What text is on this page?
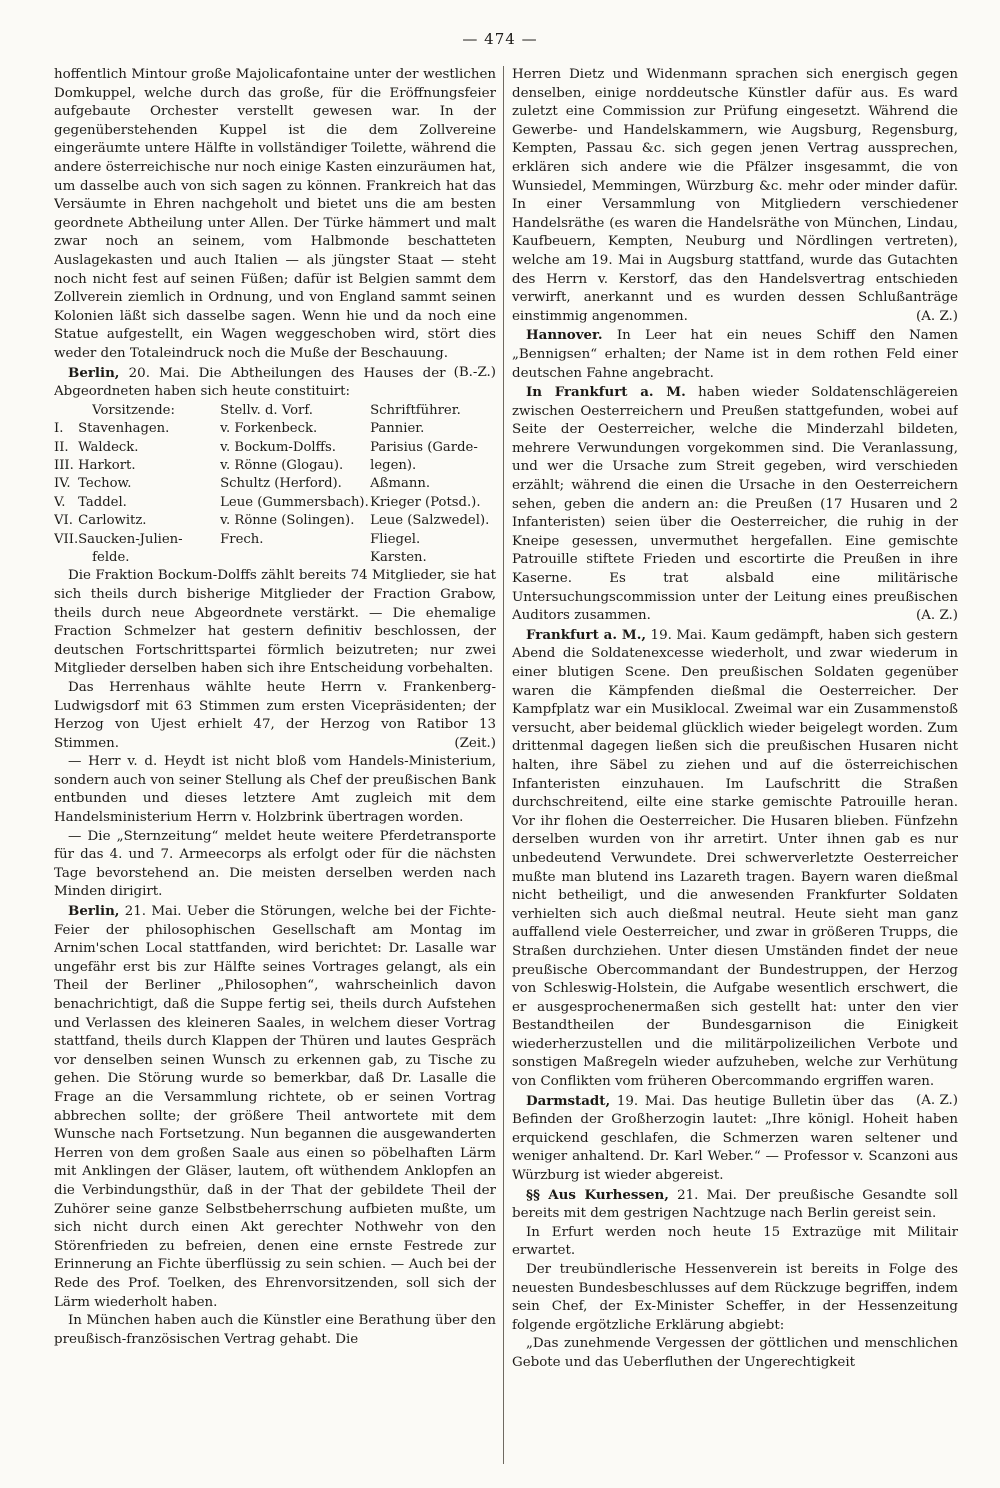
— 474 —

hoffentlich Mintour große Majolicafontaine unter der westlichen Domkuppel, welche durch das große, für die Eröffnungsfeier aufgebaute Orchester verstellt gewesen war. In der gegenüberstehenden Kuppel ist die dem Zollvereine eingeräumte untere Hälfte in vollständiger Toilette, während die andere österreichische nur noch einige Kasten einzuräumen hat, um dasselbe auch von sich sagen zu können. Frankreich hat das Versäumte in Ehren nachgeholt und bietet uns die am besten geordnete Abtheilung unter Allen. Der Türke hämmert und malt zwar noch an seinem, vom Halbmonde beschatteten Auslagekasten und auch Italien — als jüngster Staat — steht noch nicht fest auf seinen Füßen; dafür ist Belgien sammt dem Zollverein ziemlich in Ordnung, und von England sammt seinen Kolonien läßt sich dasselbe sagen. Wenn hie und da noch eine Statue aufgestellt, ein Wagen weggeschoben wird, stört dies weder den Totaleindruck noch die Muße der Beschauung.
(B.-Z.)

Berlin, 20. Mai. Die Abtheilungen des Hauses der Abgeordneten haben sich heute constituirt:

	Vorsitzende:	Stellv. d. Vorf.	Schriftführer.
I.	Stavenhagen.	v. Forkenbeck.	Pannier.
II.	Waldeck.	v. Bockum-Dolffs.	Parisius (Garde-
III.	Harkort.	v. Rönne (Glogau).	legen).
IV.	Techow.	Schultz (Herford).	Aßmann.
V.	Taddel.	Leue (Gummersbach).	Krieger (Potsd.).
VI.	Carlowitz.	v. Rönne (Solingen).	Leue (Salzwedel).
VII.	Saucken-Julien-	Frech.	Fliegel.
	felde.		Karsten.

Die Fraktion Bockum-Dolffs zählt bereits 74 Mitglieder, sie hat sich theils durch bisherige Mitglieder der Fraction Grabow, theils durch neue Abgeordnete verstärkt. — Die ehemalige Fraction Schmelzer hat gestern definitiv beschlossen, der deutschen Fortschrittspartei förmlich beizutreten; nur zwei Mitglieder derselben haben sich ihre Entscheidung vorbehalten.

Das Herrenhaus wählte heute Herrn v. Frankenberg-Ludwigsdorf mit 63 Stimmen zum ersten Vicepräsidenten; der Herzog von Ujest erhielt 47, der Herzog von Ratibor 13 Stimmen.	(Zeit.)

— Herr v. d. Heydt ist nicht bloß vom Handels-Ministerium, sondern auch von seiner Stellung als Chef der preußischen Bank entbunden und dieses letztere Amt zugleich mit dem Handelsministerium Herrn v. Holzbrink übertragen worden.

— Die „Sternzeitung“ meldet heute weitere Pferdetransporte für das 4. und 7. Armeecorps als erfolgt oder für die nächsten Tage bevorstehend an. Die meisten derselben werden nach Minden dirigirt.

Berlin, 21. Mai. Ueber die Störungen, welche bei der Fichte-Feier der philosophischen Gesellschaft am Montag im Arnim'schen Local stattfanden, wird berichtet: Dr. Lasalle war ungefähr erst bis zur Hälfte seines Vortrages gelangt, als ein Theil der Berliner „Philosophen“, wahrscheinlich davon benachrichtigt, daß die Suppe fertig sei, theils durch Aufstehen und Verlassen des kleineren Saales, in welchem dieser Vortrag stattfand, theils durch Klappen der Thüren und lautes Gespräch vor denselben seinen Wunsch zu erkennen gab, zu Tische zu gehen. Die Störung wurde so bemerkbar, daß Dr. Lasalle die Frage an die Versammlung richtete, ob er seinen Vortrag abbrechen sollte; der größere Theil antwortete mit dem Wunsche nach Fortsetzung. Nun begannen die ausgewanderten Herren von dem großen Saale aus einen so pöbelhaften Lärm mit Anklingen der Gläser, lautem, oft wüthendem Anklopfen an die Verbindungsthür, daß in der That der gebildete Theil der Zuhörer seine ganze Selbstbeherrschung aufbieten mußte, um sich nicht durch einen Akt gerechter Nothwehr von den Störenfrieden zu befreien, denen eine ernste Festrede zur Erinnerung an Fichte überflüssig zu sein schien. — Auch bei der Rede des Prof. Toelken, des Ehrenvorsitzenden, soll sich der Lärm wiederholt haben.

In München haben auch die Künstler eine Berathung über den preußisch-französischen Vertrag gehabt. Die

Herren Dietz und Widenmann sprachen sich energisch gegen denselben, einige norddeutsche Künstler dafür aus. Es ward zuletzt eine Commission zur Prüfung eingesetzt. Während die Gewerbe- und Handelskammern, wie Augsburg, Regensburg, Kempten, Passau &c. sich gegen jenen Vertrag aussprechen, erklären sich andere wie die Pfälzer insgesammt, die von Wunsiedel, Memmingen, Würzburg &c. mehr oder minder dafür. In einer Versammlung von Mitgliedern verschiedener Handelsräthe (es waren die Handelsräthe von München, Lindau, Kaufbeuern, Kempten, Neuburg und Nördlingen vertreten), welche am 19. Mai in Augsburg stattfand, wurde das Gutachten des Herrn v. Kerstorf, das den Handelsvertrag entschieden verwirft, anerkannt und es wurden dessen Schlußanträge einstimmig angenommen.	(A. Z.)

Hannover. In Leer hat ein neues Schiff den Namen „Bennigsen“ erhalten; der Name ist in dem rothen Feld einer deutschen Fahne angebracht.

In Frankfurt a. M. haben wieder Soldatenschlägereien zwischen Oesterreichern und Preußen stattgefunden, wobei auf Seite der Oesterreicher, welche die Minderzahl bildeten, mehrere Verwundungen vorgekommen sind. Die Veranlassung, und wer die Ursache zum Streit gegeben, wird verschieden erzählt; während die einen die Ursache in den Oesterreichern sehen, geben die andern an: die Preußen (17 Husaren und 2 Infanteristen) seien über die Oesterreicher, die ruhig in der Kneipe gesessen, unvermuthet hergefallen. Eine gemischte Patrouille stiftete Frieden und escortirte die Preußen in ihre Kaserne. Es trat alsbald eine militärische Untersuchungscommission unter der Leitung eines preußischen Auditors zusammen.	(A. Z.)

Frankfurt a. M., 19. Mai. Kaum gedämpft, haben sich gestern Abend die Soldatenexcesse wiederholt, und zwar wiederum in einer blutigen Scene. Den preußischen Soldaten gegenüber waren die Kämpfenden dießmal die Oesterreicher. Der Kampfplatz war ein Musiklocal. Zweimal war ein Zusammenstoß versucht, aber beidemal glücklich wieder beigelegt worden. Zum drittenmal dagegen ließen sich die preußischen Husaren nicht halten, ihre Säbel zu ziehen und auf die österreichischen Infanteristen einzuhauen. Im Laufschritt die Straßen durchschreitend, eilte eine starke gemischte Patrouille heran. Vor ihr flohen die Oesterreicher. Die Husaren blieben. Fünfzehn derselben wurden von ihr arretirt. Unter ihnen gab es nur unbedeutend Verwundete. Drei schwerverletzte Oesterreicher mußte man blutend ins Lazareth tragen. Bayern waren dießmal nicht betheiligt, und die anwesenden Frankfurter Soldaten verhielten sich auch dießmal neutral. Heute sieht man ganz auffallend viele Oesterreicher, und zwar in größeren Trupps, die Straßen durchziehen. Unter diesen Umständen findet der neue preußische Obercommandant der Bundestruppen, der Herzog von Schleswig-Holstein, die Aufgabe wesentlich erschwert, die er ausgesprochenermaßen sich gestellt hat: unter den vier Bestandtheilen der Bundesgarnison die Einigkeit wiederherzustellen und die militärpolizeilichen Verbote und sonstigen Maßregeln wieder aufzuheben, welche zur Verhütung von Conflikten vom früheren Obercommando ergriffen waren.
(A. Z.)

Darmstadt, 19. Mai. Das heutige Bulletin über das Befinden der Großherzogin lautet: „Ihre königl. Hoheit haben erquickend geschlafen, die Schmerzen waren seltener und weniger anhaltend. Dr. Karl Weber.“ — Professor v. Scanzoni aus Würzburg ist wieder abgereist.

§§ Aus Kurhessen, 21. Mai. Der preußische Gesandte soll bereits mit dem gestrigen Nachtzuge nach Berlin gereist sein.

In Erfurt werden noch heute 15 Extrazüge mit Militair erwartet.

Der treubündlerische Hessenverein ist bereits in Folge des neuesten Bundesbeschlusses auf dem Rückzuge begriffen, indem sein Chef, der Ex-Minister Scheffer, in der Hessenzeitung folgende ergötzliche Erklärung abgiebt:

„Das zunehmende Vergessen der göttlichen und menschlichen Gebote und das Ueberfluthen der Ungerechtigkeit
